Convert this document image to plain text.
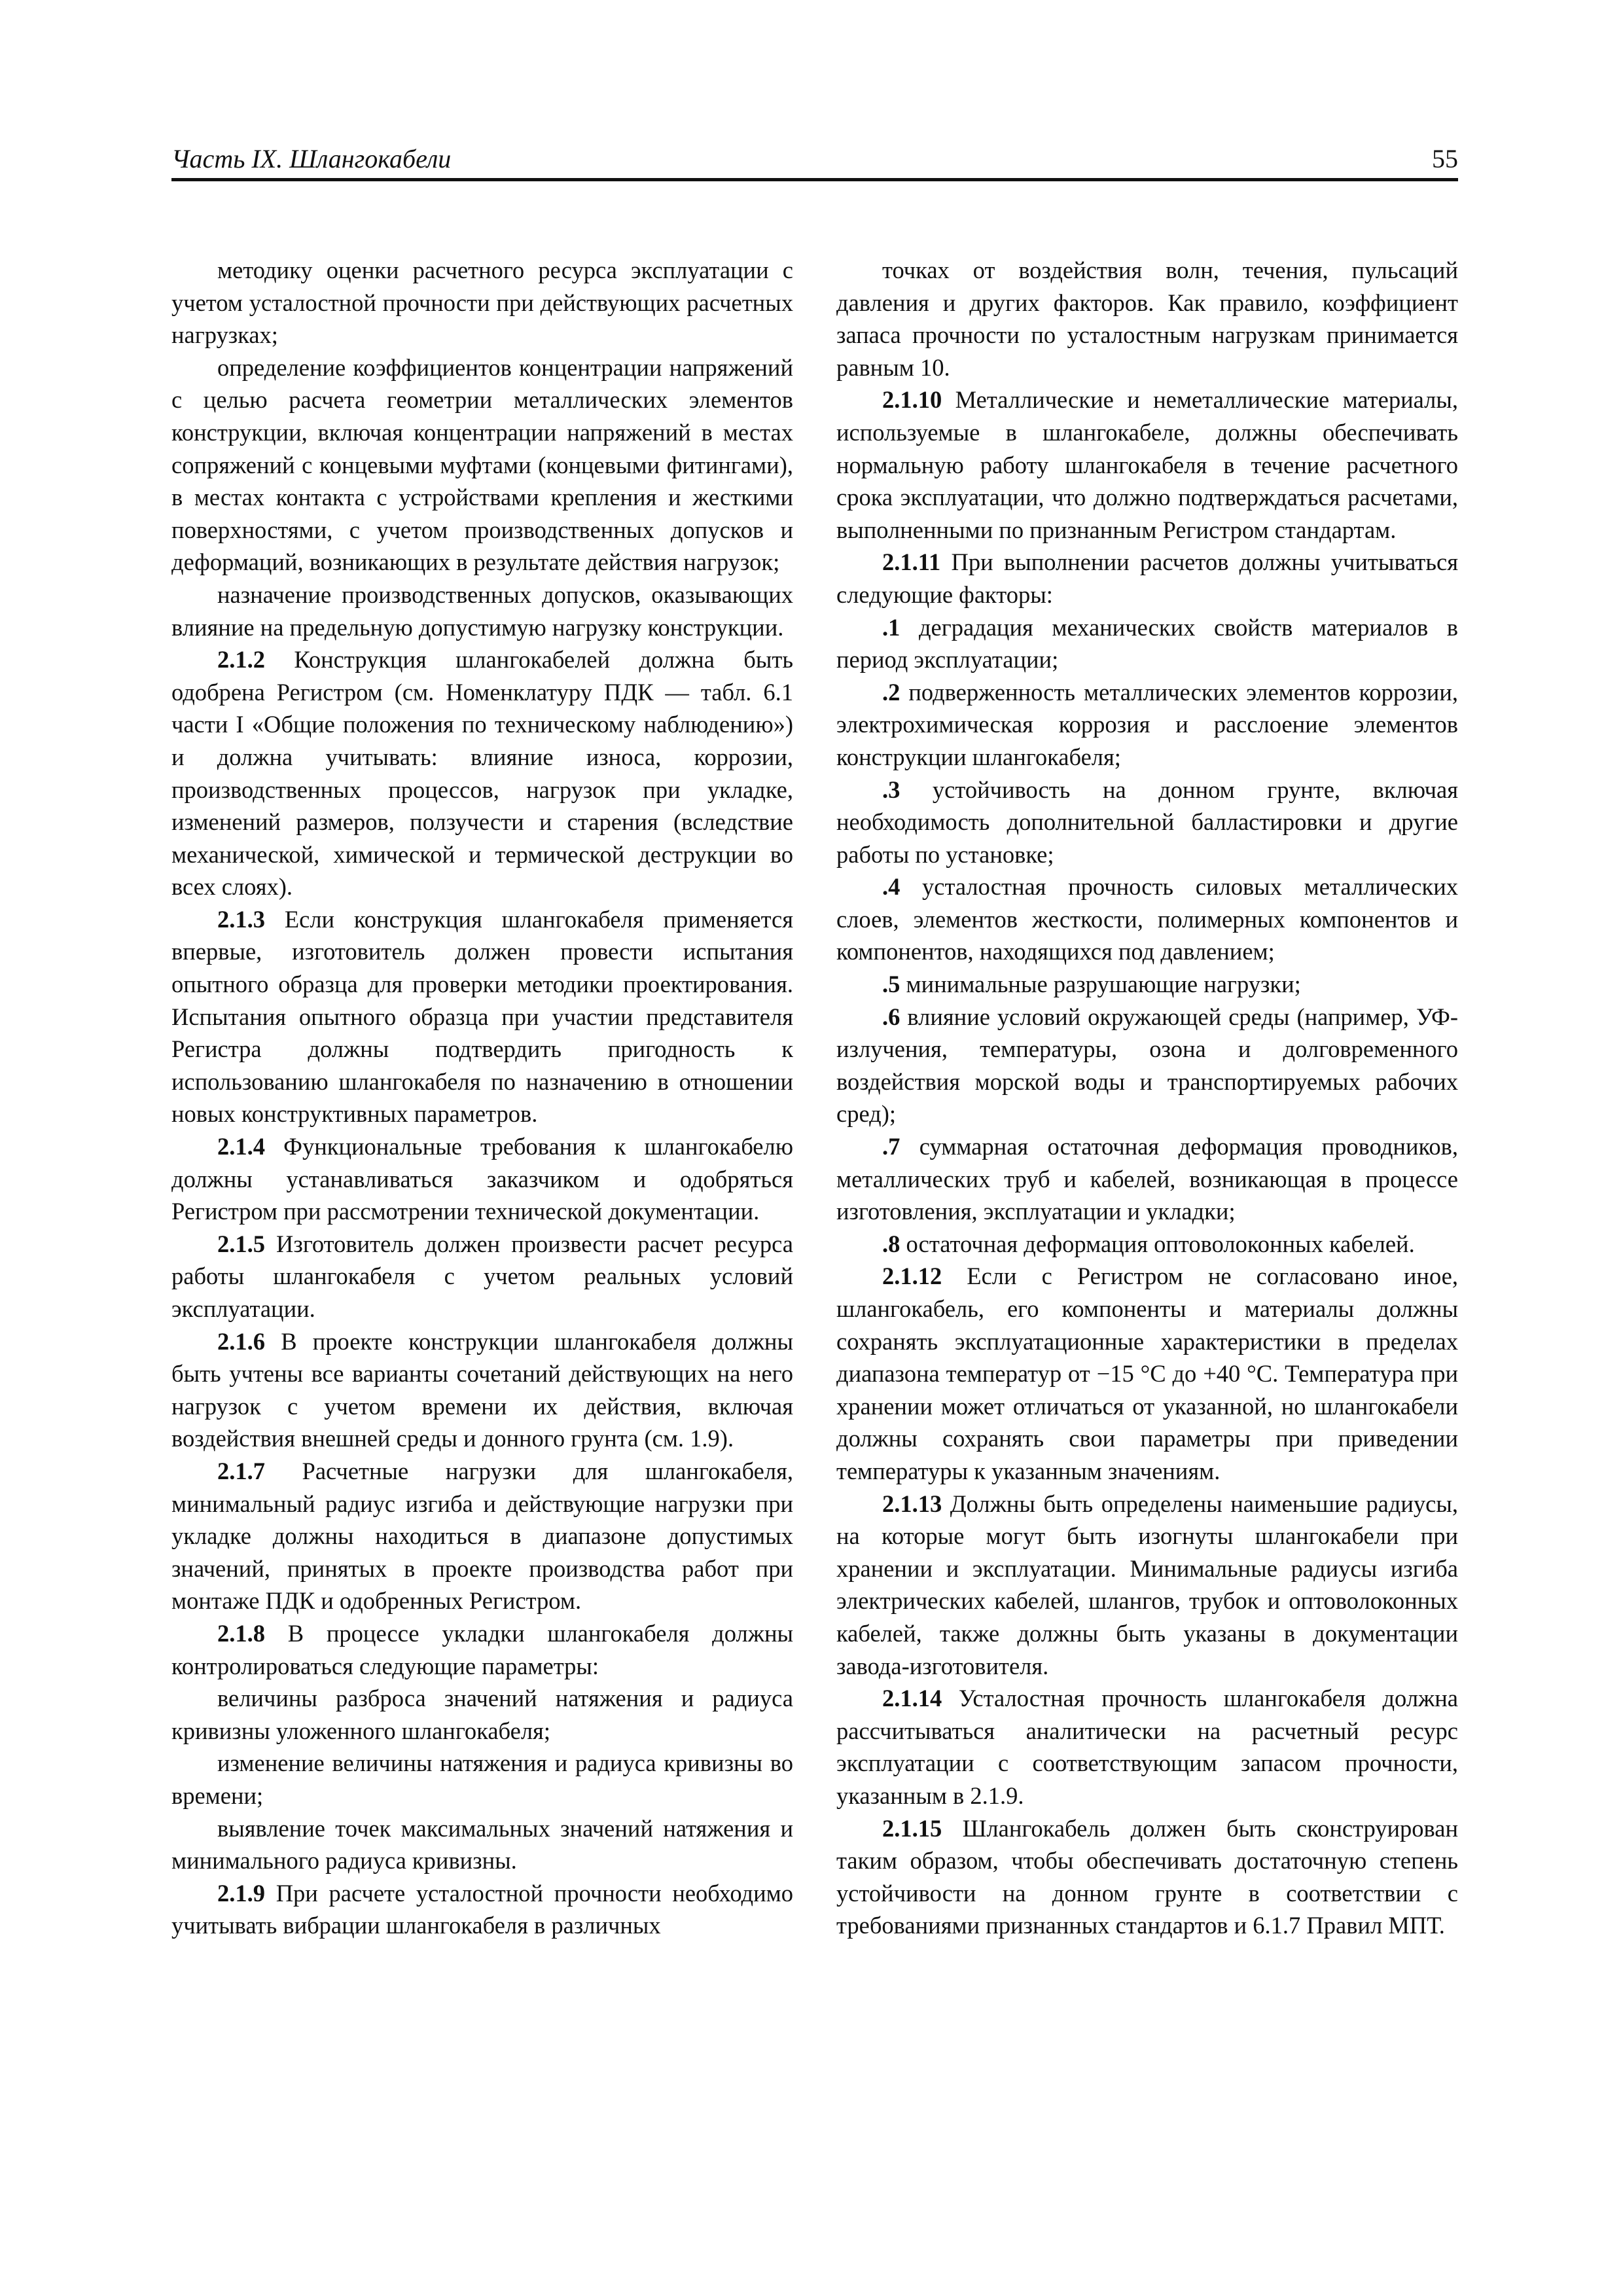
Часть IX. Шлангокабели	55

методику оценки расчетного ресурса эксплуатации с учетом усталостной прочности при действующих расчетных нагрузках;

определение коэффициентов концентрации напряжений с целью расчета геометрии металлических элементов конструкции, включая концентрации напряжений в местах сопряжений с концевыми муфтами (концевыми фитингами), в местах контакта с устройствами крепления и жесткими поверхностями, с учетом производственных допусков и деформаций, возникающих в результате действия нагрузок;

назначение производственных допусков, оказывающих влияние на предельную допустимую нагрузку конструкции.

2.1.2 Конструкция шлангокабелей должна быть одобрена Регистром (см. Номенклатуру ПДК — табл. 6.1 части I «Общие положения по техническому наблюдению») и должна учитывать: влияние износа, коррозии, производственных процессов, нагрузок при укладке, изменений размеров, ползучести и старения (вследствие механической, химической и термической деструкции во всех слоях).

2.1.3 Если конструкция шлангокабеля применяется впервые, изготовитель должен провести испытания опытного образца для проверки методики проектирования. Испытания опытного образца при участии представителя Регистра должны подтвердить пригодность к использованию шлангокабеля по назначению в отношении новых конструктивных параметров.

2.1.4 Функциональные требования к шлангокабелю должны устанавливаться заказчиком и одобряться Регистром при рассмотрении технической документации.

2.1.5 Изготовитель должен произвести расчет ресурса работы шлангокабеля с учетом реальных условий эксплуатации.

2.1.6 В проекте конструкции шлангокабеля должны быть учтены все варианты сочетаний действующих на него нагрузок с учетом времени их действия, включая воздействия внешней среды и донного грунта (см. 1.9).

2.1.7 Расчетные нагрузки для шлангокабеля, минимальный радиус изгиба и действующие нагрузки при укладке должны находиться в диапазоне допустимых значений, принятых в проекте производства работ при монтаже ПДК и одобренных Регистром.

2.1.8 В процессе укладки шлангокабеля должны контролироваться следующие параметры:

величины разброса значений натяжения и радиуса кривизны уложенного шлангокабеля;

изменение величины натяжения и радиуса кривизны во времени;

выявление точек максимальных значений натяжения и минимального радиуса кривизны.

2.1.9 При расчете усталостной прочности необходимо учитывать вибрации шлангокабеля в различных

точках от воздействия волн, течения, пульсаций давления и других факторов. Как правило, коэффициент запаса прочности по усталостным нагрузкам принимается равным 10.

2.1.10 Металлические и неметаллические материалы, используемые в шлангокабеле, должны обеспечивать нормальную работу шлангокабеля в течение расчетного срока эксплуатации, что должно подтверждаться расчетами, выполненными по признанным Регистром стандартам.

2.1.11 При выполнении расчетов должны учитываться следующие факторы:

.1 деградация механических свойств материалов в период эксплуатации;

.2 подверженность металлических элементов коррозии, электрохимическая коррозия и расслоение элементов конструкции шлангокабеля;

.3 устойчивость на донном грунте, включая необходимость дополнительной балластировки и другие работы по установке;

.4 усталостная прочность силовых металлических слоев, элементов жесткости, полимерных компонентов и компонентов, находящихся под давлением;

.5 минимальные разрушающие нагрузки;

.6 влияние условий окружающей среды (например, УФ-излучения, температуры, озона и долговременного воздействия морской воды и транспортируемых рабочих сред);

.7 суммарная остаточная деформация проводников, металлических труб и кабелей, возникающая в процессе изготовления, эксплуатации и укладки;

.8 остаточная деформация оптоволоконных кабелей.

2.1.12 Если с Регистром не согласовано иное, шлангокабель, его компоненты и материалы должны сохранять эксплуатационные характеристики в пределах диапазона температур от −15 °C до +40 °C. Температура при хранении может отличаться от указанной, но шлангокабели должны сохранять свои параметры при приведении температуры к указанным значениям.

2.1.13 Должны быть определены наименьшие радиусы, на которые могут быть изогнуты шлангокабели при хранении и эксплуатации. Минимальные радиусы изгиба электрических кабелей, шлангов, трубок и оптоволоконных кабелей, также должны быть указаны в документации завода-изготовителя.

2.1.14 Усталостная прочность шлангокабеля должна рассчитываться аналитически на расчетный ресурс эксплуатации с соответствующим запасом прочности, указанным в 2.1.9.

2.1.15 Шлангокабель должен быть сконструирован таким образом, чтобы обеспечивать достаточную степень устойчивости на донном грунте в соответствии с требованиями признанных стандартов и 6.1.7 Правил МПТ.
